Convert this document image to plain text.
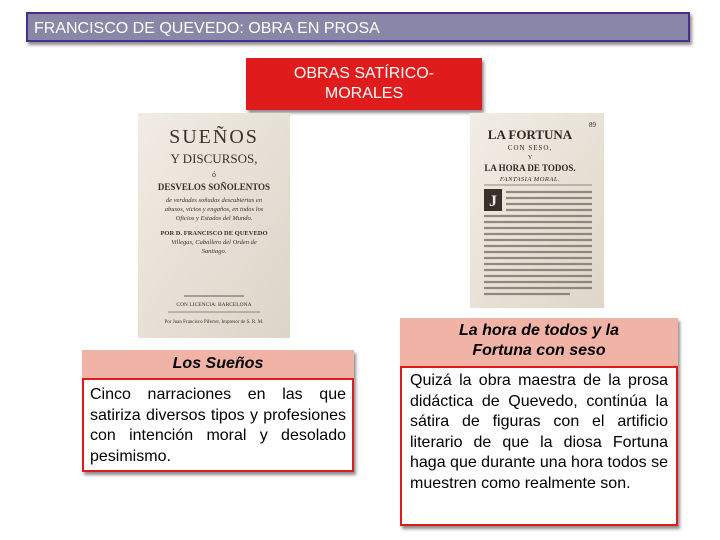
FRANCISCO DE QUEVEDO: OBRA EN PROSA
OBRAS SATÍRICO-MORALES
SUEÑOS
Y DISCURSOS,
ó
DESVELOS SOÑOLENTOS
de verdades soñadas descubiertas en
abusos, vicios y engaños, en todos los
Oficios y Estados del Mundo.
POR D. FRANCISCO DE QUEVEDO
Villegas, Caballero del Orden de
Santiago.
CON LICENCIA: BARCELONA
Por Juan Francisco Piferrer, Impresor de S. R. M.
89
LA FORTUNA
CON SESO,
Y
LA HORA DE TODOS.
FANTASIA MORAL.
J
Los Sueños
Cinco narraciones en las que satiriza diversos tipos y profesiones con intención moral y desolado pesimismo.
La hora de todos y la Fortuna con seso
Quizá la obra maestra de la prosa didáctica de Quevedo, continúa la sátira de figuras con el artificio literario de que la diosa Fortuna haga que durante una hora todos se muestren como realmente son.
